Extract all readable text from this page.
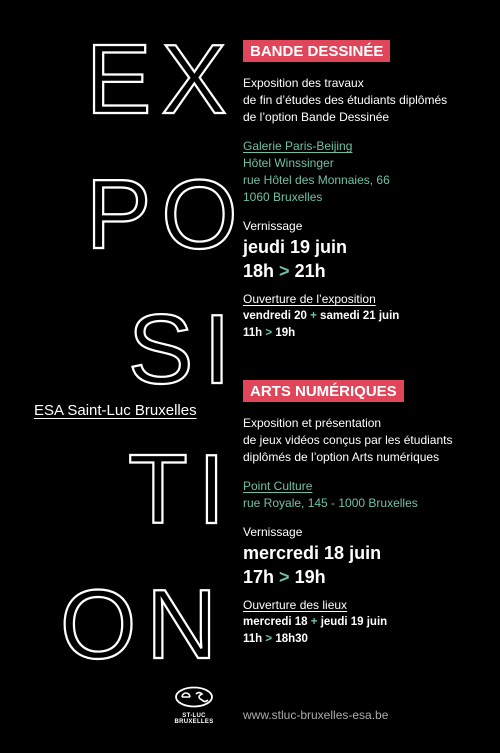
EX
PO
SI
TI
ON
ESA Saint-Luc Bruxelles
BANDE DESSINÉE
Exposition des travaux
de fin d’études des étudiants diplômés
de l’option Bande Dessinée
Galerie Paris-Beijing
Hôtel Winssinger
rue Hôtel des Monnaies, 66
1060 Bruxelles
Vernissage
jeudi 19 juin
18h > 21h
Ouverture de l’exposition
vendredi 20 + samedi 21 juin
11h > 19h
ARTS NUMÉRIQUES
Exposition et présentation
de jeux vidéos conçus par les étudiants
diplômés de l’option Arts numériques
Point Culture
rue Royale, 145 - 1000 Bruxelles
Vernissage
mercredi 18 juin
17h > 19h
Ouverture des lieux
mercredi 18 + jeudi 19 juin
11h > 18h30
ST-LUC BRUXELLES	www.stluc-bruxelles-esa.be
